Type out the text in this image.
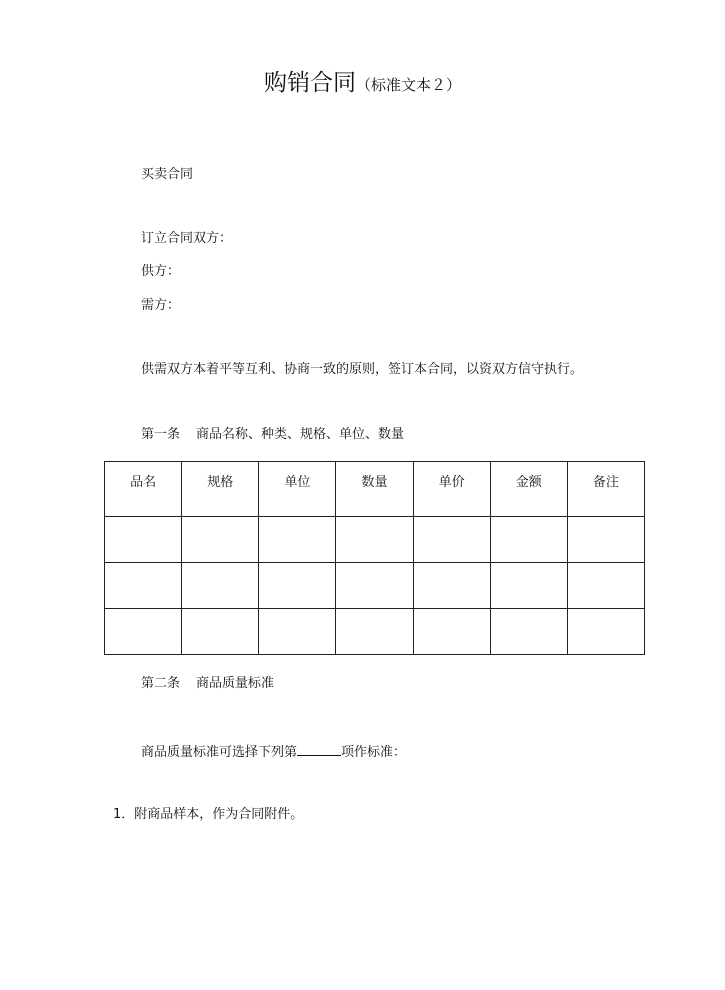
购销合同（标准文本２）
买卖合同
订立合同双方：
供方：
需方：
供需双方本着平等互利、协商一致的原则，签订本合同，以资双方信守执行。
第一条 商品名称、种类、规格、单位、数量
品名	规格	单位	数量	单价	金额	备注

第二条 商品质量标准
商品质量标准可选择下列第	项作标准：
1．附商品样本，作为合同附件。
